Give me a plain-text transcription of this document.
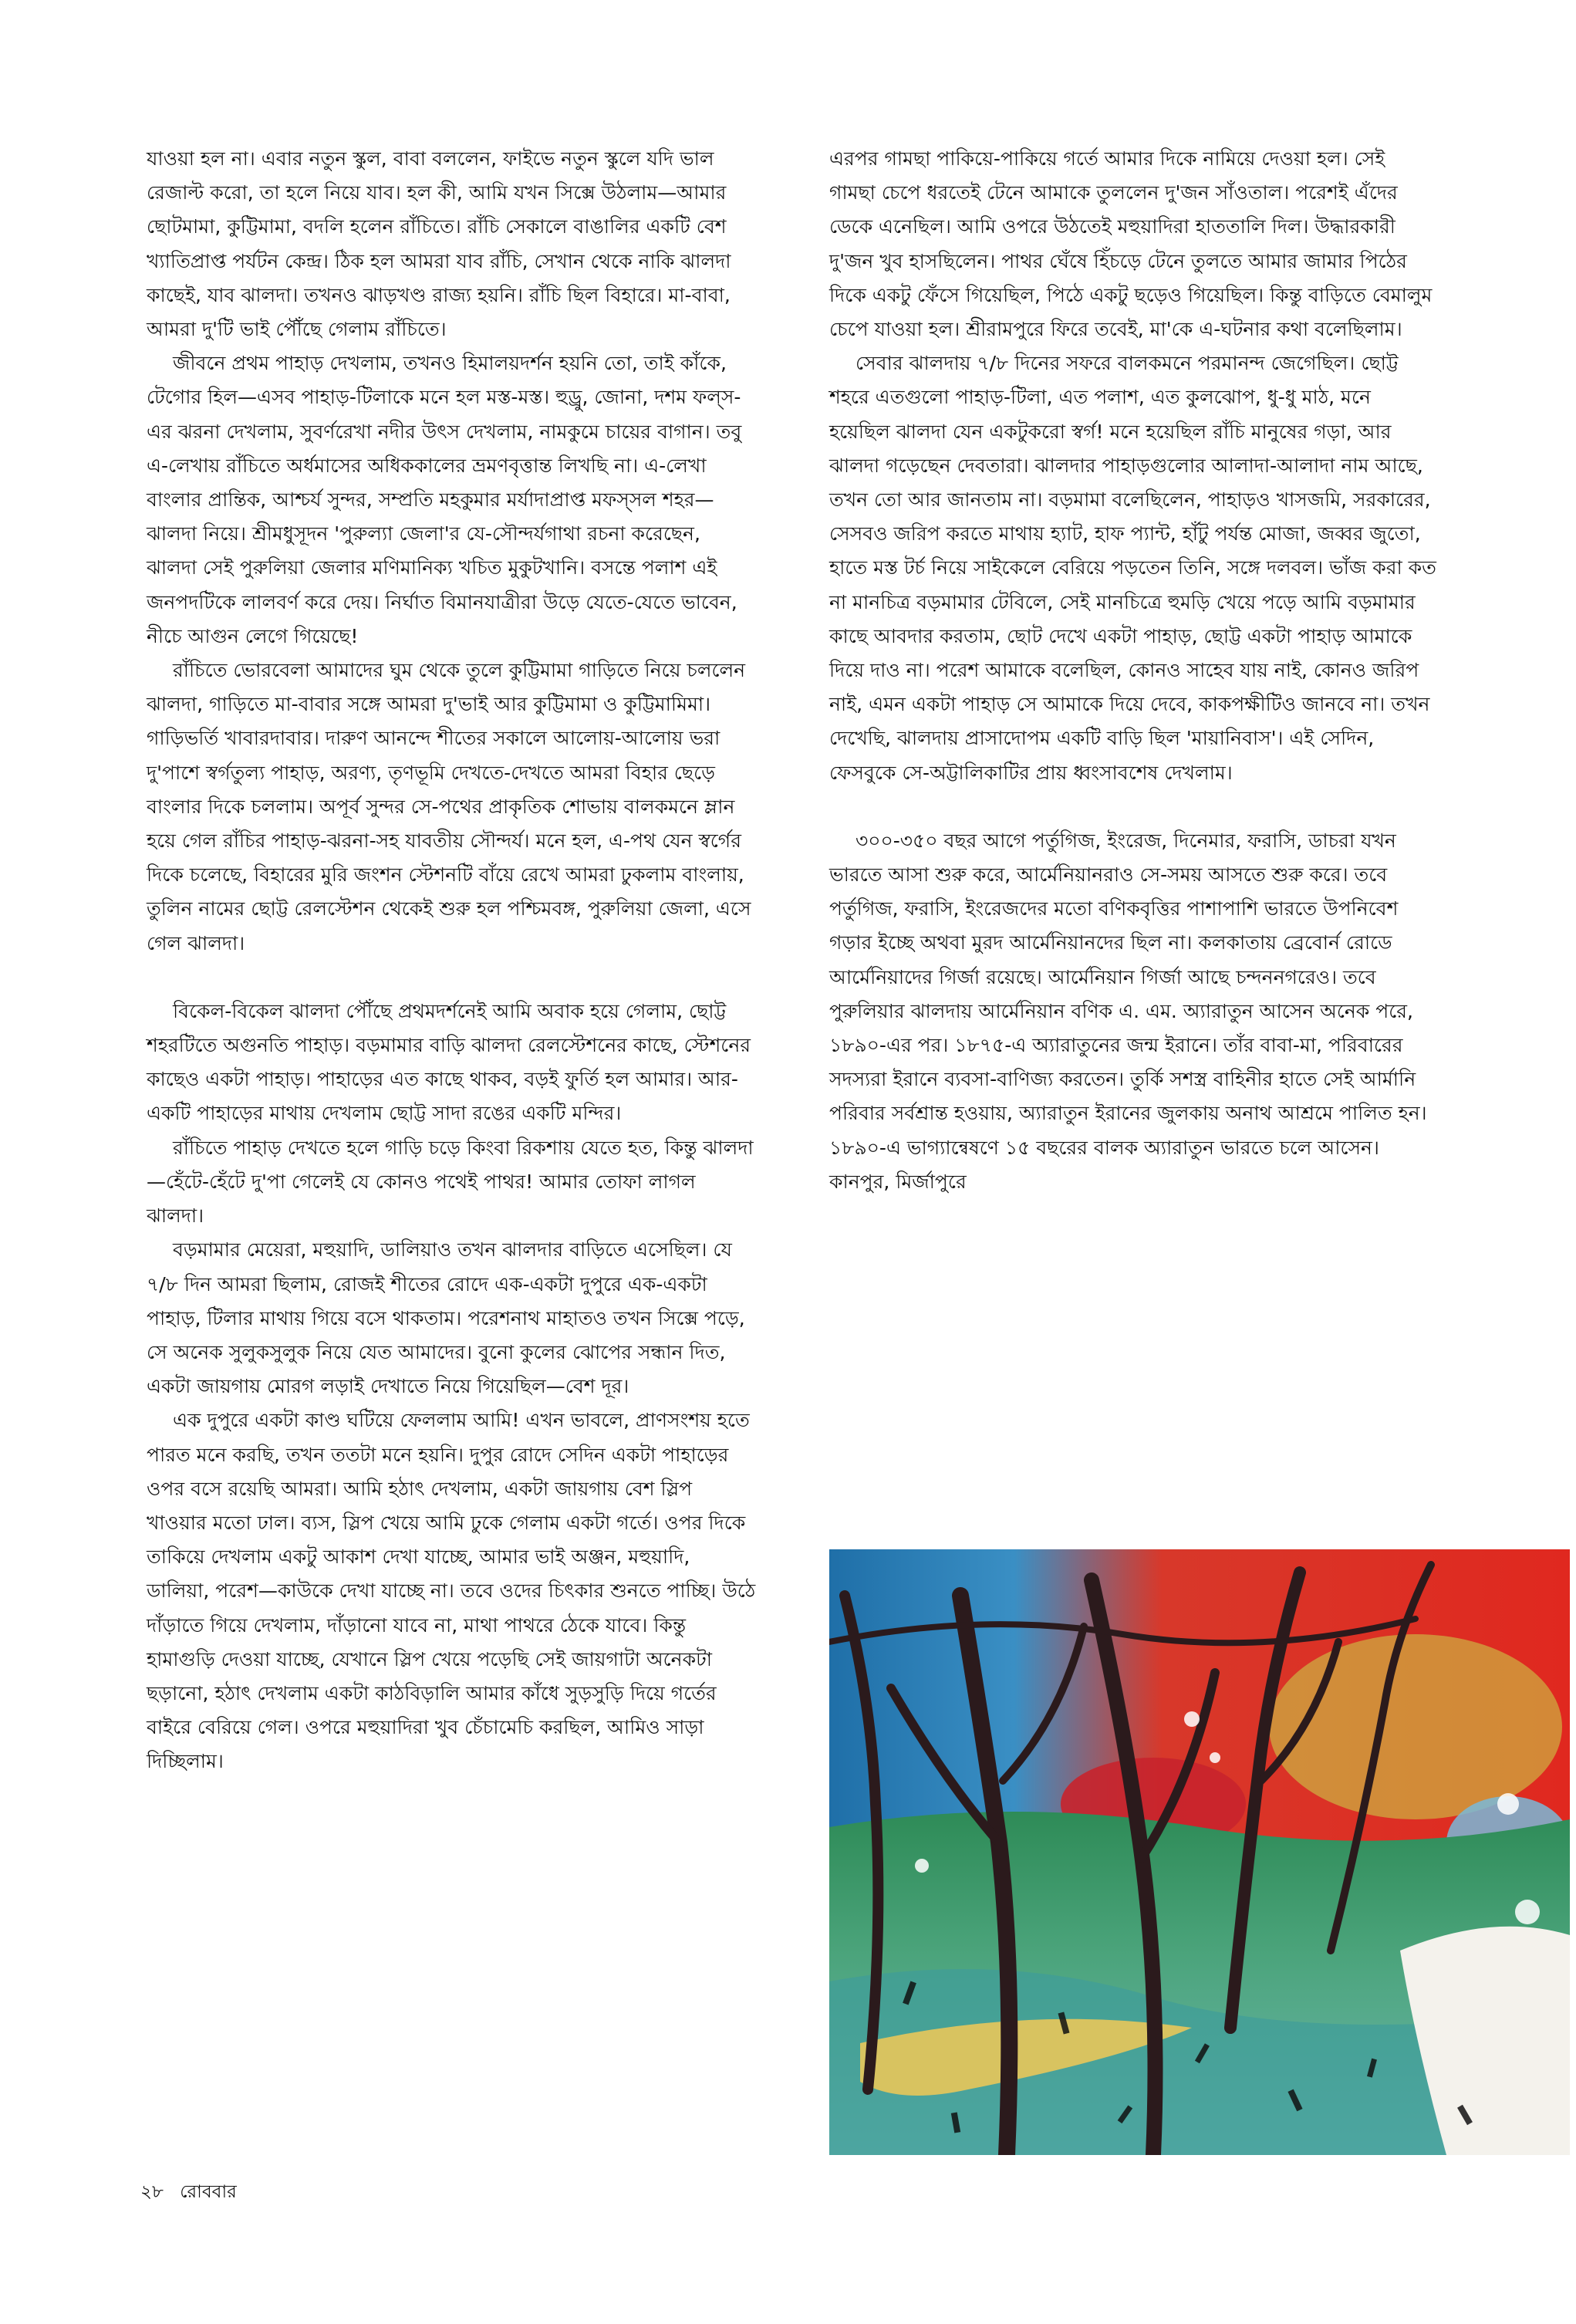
যাওয়া হল না। এবার নতুন স্কুল, বাবা বললেন, ফাইভে নতুন স্কুলে যদি ভাল রেজাল্ট করো, তা হলে নিয়ে যাব। হল কী, আমি যখন সিক্সে উঠলাম—আমার ছোটমামা, কুট্টিমামা, বদলি হলেন রাঁচিতে। রাঁচি সেকালে বাঙালির একটি বেশ খ্যাতিপ্রাপ্ত পর্যটন কেন্দ্র। ঠিক হল আমরা যাব রাঁচি, সেখান থেকে নাকি ঝালদা কাছেই, যাব ঝালদা। তখনও ঝাড়খণ্ড রাজ্য হয়নি। রাঁচি ছিল বিহারে। মা-বাবা, আমরা দু'টি ভাই পৌঁছে গেলাম রাঁচিতে।

জীবনে প্রথম পাহাড় দেখলাম, তখনও হিমালয়দর্শন হয়নি তো, তাই কাঁকে, টেগোর হিল—এসব পাহাড়-টিলাকে মনে হল মস্ত-মস্ত। হুড্রু, জোনা, দশম ফল্‌স-এর ঝরনা দেখলাম, সুবর্ণরেখা নদীর উৎস দেখলাম, নামকুমে চায়ের বাগান। তবু এ-লেখায় রাঁচিতে অর্ধমাসের অধিককালের ভ্রমণবৃত্তান্ত লিখছি না। এ-লেখা বাংলার প্রান্তিক, আশ্চর্য সুন্দর, সম্প্রতি মহকুমার মর্যাদাপ্রাপ্ত মফস্‌সল শহর—ঝালদা নিয়ে। শ্রীমধুসূদন 'পুরুল্যা জেলা'র যে-সৌন্দর্যগাথা রচনা করেছেন, ঝালদা সেই পুরুলিয়া জেলার মণিমানিক্য খচিত মুকুটখানি। বসন্তে পলাশ এই জনপদটিকে লালবর্ণ করে দেয়। নির্ঘাত বিমানযাত্রীরা উড়ে যেতে-যেতে ভাবেন, নীচে আগুন লেগে গিয়েছে!

রাঁচিতে ভোরবেলা আমাদের ঘুম থেকে তুলে কুট্টিমামা গাড়িতে নিয়ে চললেন ঝালদা, গাড়িতে মা-বাবার সঙ্গে আমরা দু'ভাই আর কুট্টিমামা ও কুট্টিমামিমা। গাড়িভর্তি খাবারদাবার। দারুণ আনন্দে শীতের সকালে আলোয়-আলোয় ভরা দু'পাশে স্বর্গতুল্য পাহাড়, অরণ্য, তৃণভূমি দেখতে-দেখতে আমরা বিহার ছেড়ে বাংলার দিকে চললাম। অপূর্ব সুন্দর সে-পথের প্রাকৃতিক শোভায় বালকমনে ম্লান হয়ে গেল রাঁচির পাহাড়-ঝরনা-সহ যাবতীয় সৌন্দর্য। মনে হল, এ-পথ যেন স্বর্গের দিকে চলেছে, বিহারের মুরি জংশন স্টেশনটি বাঁয়ে রেখে আমরা ঢুকলাম বাংলায়, তুলিন নামের ছোট্ট রেলস্টেশন থেকেই শুরু হল পশ্চিমবঙ্গ, পুরুলিয়া জেলা, এসে গেল ঝালদা।

বিকেল-বিকেল ঝালদা পৌঁছে প্রথমদর্শনেই আমি অবাক হয়ে গেলাম, ছোট্ট শহরটিতে অগুনতি পাহাড়। বড়মামার বাড়ি ঝালদা রেলস্টেশনের কাছে, স্টেশনের কাছেও একটা পাহাড়। পাহাড়ের এত কাছে থাকব, বড়ই ফুর্তি হল আমার। আর-একটি পাহাড়ের মাথায় দেখলাম ছোট্ট সাদা রঙের একটি মন্দির।

রাঁচিতে পাহাড় দেখতে হলে গাড়ি চড়ে কিংবা রিকশায় যেতে হত, কিন্তু ঝালদা—হেঁটে-হেঁটে দু'পা গেলেই যে কোনও পথেই পাথর! আমার তোফা লাগল ঝালদা।

বড়মামার মেয়েরা, মহুয়াদি, ডালিয়াও তখন ঝালদার বাড়িতে এসেছিল। যে ৭/৮ দিন আমরা ছিলাম, রোজই শীতের রোদে এক-একটা দুপুরে এক-একটা পাহাড়, টিলার মাথায় গিয়ে বসে থাকতাম। পরেশনাথ মাহাতও তখন সিক্সে পড়ে, সে অনেক সুলুকসুলুক নিয়ে যেত আমাদের। বুনো কুলের ঝোপের সন্ধান দিত, একটা জায়গায় মোরগ লড়াই দেখাতে নিয়ে গিয়েছিল—বেশ দূর।

এক দুপুরে একটা কাণ্ড ঘটিয়ে ফেললাম আমি! এখন ভাবলে, প্রাণসংশয় হতে পারত মনে করছি, তখন ততটা মনে হয়নি। দুপুর রোদে সেদিন একটা পাহাড়ের ওপর বসে রয়েছি আমরা। আমি হঠাৎ দেখলাম, একটা জায়গায় বেশ স্লিপ খাওয়ার মতো ঢাল। ব্যস, স্লিপ খেয়ে আমি ঢুকে গেলাম একটা গর্তে। ওপর দিকে তাকিয়ে দেখলাম একটু আকাশ দেখা যাচ্ছে, আমার ভাই অঞ্জন, মহুয়াদি, ডালিয়া, পরেশ—কাউকে দেখা যাচ্ছে না। তবে ওদের চিৎকার শুনতে পাচ্ছি। উঠে দাঁড়াতে গিয়ে দেখলাম, দাঁড়ানো যাবে না, মাথা পাথরে ঠেকে যাবে। কিন্তু হামাগুড়ি দেওয়া যাচ্ছে, যেখানে স্লিপ খেয়ে পড়েছি সেই জায়গাটা অনেকটা ছড়ানো, হঠাৎ দেখলাম একটা কাঠবিড়ালি আমার কাঁধে সুড়সুড়ি দিয়ে গর্তের বাইরে বেরিয়ে গেল। ওপরে মহুয়াদিরা খুব চেঁচামেচি করছিল, আমিও সাড়া দিচ্ছিলাম।

এরপর গামছা পাকিয়ে-পাকিয়ে গর্তে আমার দিকে নামিয়ে দেওয়া হল। সেই গামছা চেপে ধরতেই টেনে আমাকে তুললেন দু'জন সাঁওতাল। পরেশই এঁদের ডেকে এনেছিল। আমি ওপরে উঠতেই মহুয়াদিরা হাততালি দিল। উদ্ধারকারী দু'জন খুব হাসছিলেন। পাথর ঘেঁষে হিঁচড়ে টেনে তুলতে আমার জামার পিঠের দিকে একটু ফেঁসে গিয়েছিল, পিঠে একটু ছড়েও গিয়েছিল। কিন্তু বাড়িতে বেমালুম চেপে যাওয়া হল। শ্রীরামপুরে ফিরে তবেই, মা'কে এ-ঘটনার কথা বলেছিলাম।

সেবার ঝালদায় ৭/৮ দিনের সফরে বালকমনে পরমানন্দ জেগেছিল। ছোট্ট শহরে এতগুলো পাহাড়-টিলা, এত পলাশ, এত কুলঝোপ, ধু-ধু মাঠ, মনে হয়েছিল ঝালদা যেন একটুকরো স্বর্গ! মনে হয়েছিল রাঁচি মানুষের গড়া, আর ঝালদা গড়েছেন দেবতারা। ঝালদার পাহাড়গুলোর আলাদা-আলাদা নাম আছে, তখন তো আর জানতাম না। বড়মামা বলেছিলেন, পাহাড়ও খাসজমি, সরকারের, সেসবও জরিপ করতে মাথায় হ্যাট, হাফ প্যান্ট, হাঁটু পর্যন্ত মোজা, জব্বর জুতো, হাতে মস্ত টর্চ নিয়ে সাইকেলে বেরিয়ে পড়তেন তিনি, সঙ্গে দলবল। ভাঁজ করা কত না মানচিত্র বড়মামার টেবিলে, সেই মানচিত্রে হুমড়ি খেয়ে পড়ে আমি বড়মামার কাছে আবদার করতাম, ছোট দেখে একটা পাহাড়, ছোট্ট একটা পাহাড় আমাকে দিয়ে দাও না। পরেশ আমাকে বলেছিল, কোনও সাহেব যায় নাই, কোনও জরিপ নাই, এমন একটা পাহাড় সে আমাকে দিয়ে দেবে, কাকপক্ষীটিও জানবে না। তখন দেখেছি, ঝালদায় প্রাসাদোপম একটি বাড়ি ছিল 'মায়ানিবাস'। এই সেদিন, ফেসবুকে সে-অট্টালিকাটির প্রায় ধ্বংসাবশেষ দেখলাম।

৩০০-৩৫০ বছর আগে পর্তুগিজ, ইংরেজ, দিনেমার, ফরাসি, ডাচরা যখন ভারতে আসা শুরু করে, আর্মেনিয়ানরাও সে-সময় আসতে শুরু করে। তবে পর্তুগিজ, ফরাসি, ইংরেজদের মতো বণিকবৃত্তির পাশাপাশি ভারতে উপনিবেশ গড়ার ইচ্ছে অথবা মুরদ আর্মেনিয়ানদের ছিল না। কলকাতায় ব্রেবোর্ন রোডে আর্মেনিয়াদের গির্জা রয়েছে। আর্মেনিয়ান গির্জা আছে চন্দননগরেও। তবে পুরুলিয়ার ঝালদায় আর্মেনিয়ান বণিক এ. এম. অ্যারাতুন আসেন অনেক পরে, ১৮৯০-এর পর। ১৮৭৫-এ অ্যারাতুনের জন্ম ইরানে। তাঁর বাবা-মা, পরিবারের সদস্যরা ইরানে ব্যবসা-বাণিজ্য করতেন। তুর্কি সশস্ত্র বাহিনীর হাতে সেই আর্মানি পরিবার সর্বশ্রান্ত হওয়ায়, অ্যারাতুন ইরানের জুলকায় অনাথ আশ্রমে পালিত হন। ১৮৯০-এ ভাগ্যান্বেষণে ১৫ বছরের বালক অ্যারাতুন ভারতে চলে আসেন। কানপুর, মির্জাপুরে

২৮ রোববার
